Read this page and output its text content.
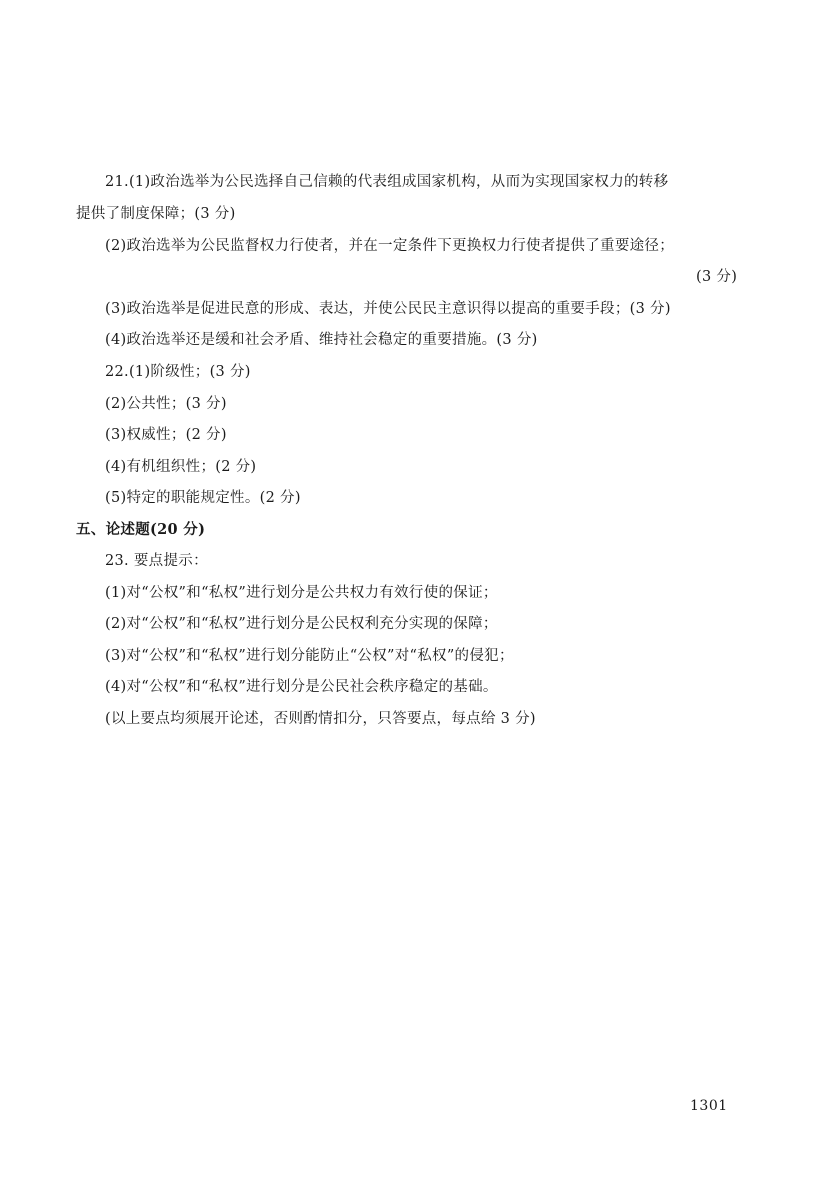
21.(1)政治选举为公民选择自己信赖的代表组成国家机构，从而为实现国家权力的转移
提供了制度保障；(3 分)
(2)政治选举为公民监督权力行使者，并在一定条件下更换权力行使者提供了重要途径；
(3 分)
(3)政治选举是促进民意的形成、表达，并使公民民主意识得以提高的重要手段；(3 分)
(4)政治选举还是缓和社会矛盾、维持社会稳定的重要措施。(3 分)
22.(1)阶级性；(3 分)
(2)公共性；(3 分)
(3)权威性；(2 分)
(4)有机组织性；(2 分)
(5)特定的职能规定性。(2 分)
五、论述题(20 分)
23. 要点提示：
(1)对“公权”和“私权”进行划分是公共权力有效行使的保证；
(2)对“公权”和“私权”进行划分是公民权利充分实现的保障；
(3)对“公权”和“私权”进行划分能防止“公权”对“私权”的侵犯；
(4)对“公权”和“私权”进行划分是公民社会秩序稳定的基础。
(以上要点均须展开论述，否则酌情扣分，只答要点，每点给 3 分)
1301
